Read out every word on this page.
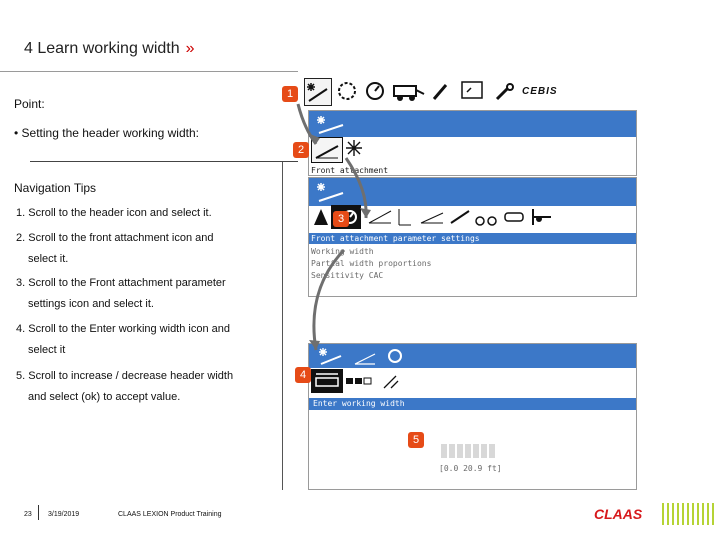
4 Learn working width »
Point:
• Setting the header working width:
Navigation Tips
1. Scroll to the header icon and select it.
2. Scroll to the front attachment icon and
select it.
3. Scroll to the Front attachment parameter
settings icon and select it.
4. Scroll to the Enter working width icon and
select it
5. Scroll to increase / decrease header width
and select (ok) to accept value.
CEBIS
Front attachment
Front attachment parameter settings
Working width
Partial width proportions
Sensitivity CAC
Enter working width
[0.0 20.9 ft]
1
2
3
4
5
23 3/19/2019	CLAAS LEXION Product Training	CLAAS
